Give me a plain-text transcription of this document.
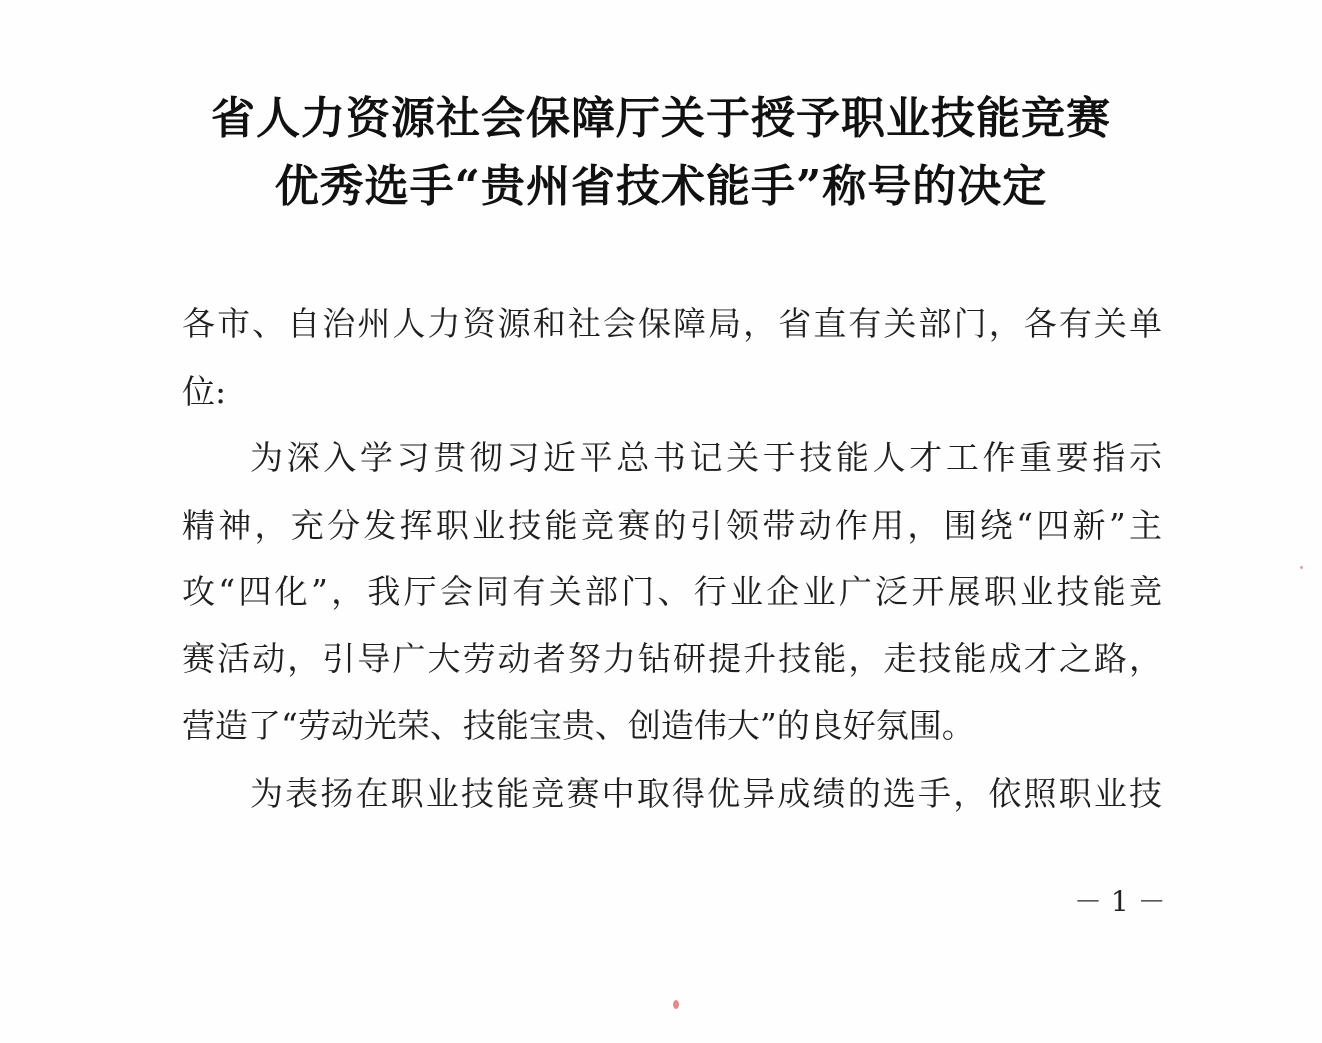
省人力资源社会保障厅关于授予职业技能竞赛
优秀选手“贵州省技术能手”称号的决定
各市、自治州人力资源和社会保障局，省直有关部门，各有关单
位:
为深入学习贯彻习近平总书记关于技能人才工作重要指示
精神，充分发挥职业技能竞赛的引领带动作用，围绕“四新”主
攻“四化”，我厅会同有关部门、行业企业广泛开展职业技能竞
赛活动，引导广大劳动者努力钻研提升技能，走技能成才之路，
营造了“劳动光荣、技能宝贵、创造伟大”的良好氛围。
为表扬在职业技能竞赛中取得优异成绩的选手，依照职业技
－ 1 －
